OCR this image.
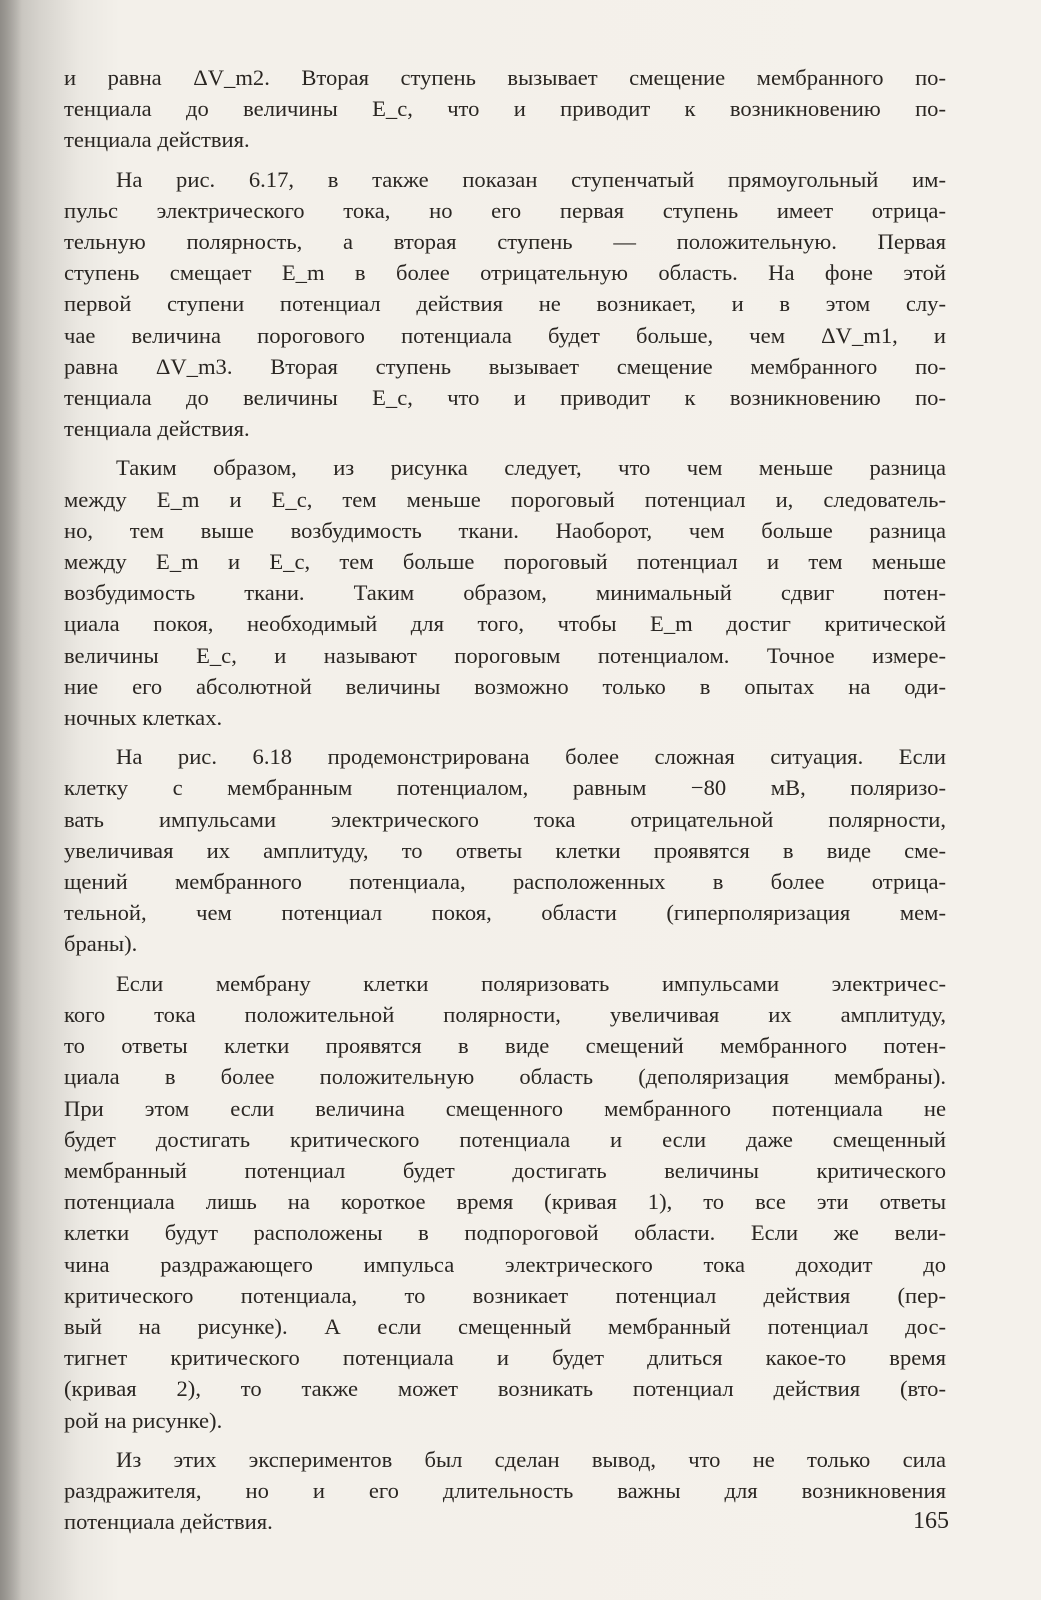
и равна ΔV_m2. Вторая ступень вызывает смещение мембранного по-
тенциала до величины E_c, что и приводит к возникновению по-
тенциала действия.

На рис. 6.17, в также показан ступенчатый прямоугольный им-
пульс электрического тока, но его первая ступень имеет отрица-
тельную полярность, а вторая ступень — положительную. Первая
ступень смещает E_m в более отрицательную область. На фоне этой
первой ступени потенциал действия не возникает, и в этом слу-
чае величина порогового потенциала будет больше, чем ΔV_m1, и
равна ΔV_m3. Вторая ступень вызывает смещение мембранного по-
тенциала до величины E_c, что и приводит к возникновению по-
тенциала действия.

Таким образом, из рисунка следует, что чем меньше разница
между E_m и E_c, тем меньше пороговый потенциал и, следователь-
но, тем выше возбудимость ткани. Наоборот, чем больше разница
между E_m и E_c, тем больше пороговый потенциал и тем меньше
возбудимость ткани. Таким образом, минимальный сдвиг потен-
циала покоя, необходимый для того, чтобы E_m достиг критической
величины E_c, и называют пороговым потенциалом. Точное измере-
ние его абсолютной величины возможно только в опытах на оди-
ночных клетках.

На рис. 6.18 продемонстрирована более сложная ситуация. Если
клетку с мембранным потенциалом, равным −80 мВ, поляризо-
вать импульсами электрического тока отрицательной полярности,
увеличивая их амплитуду, то ответы клетки проявятся в виде сме-
щений мембранного потенциала, расположенных в более отрица-
тельной, чем потенциал покоя, области (гиперполяризация мем-
браны).

Если мембрану клетки поляризовать импульсами электричес-
кого тока положительной полярности, увеличивая их амплитуду,
то ответы клетки проявятся в виде смещений мембранного потен-
циала в более положительную область (деполяризация мембраны).
При этом если величина смещенного мембранного потенциала не
будет достигать критического потенциала и если даже смещенный
мембранный потенциал будет достигать величины критического
потенциала лишь на короткое время (кривая 1), то все эти ответы
клетки будут расположены в подпороговой области. Если же вели-
чина раздражающего импульса электрического тока доходит до
критического потенциала, то возникает потенциал действия (пер-
вый на рисунке). А если смещенный мембранный потенциал дос-
тигнет критического потенциала и будет длиться какое-то время
(кривая 2), то также может возникать потенциал действия (вто-
рой на рисунке).

Из этих экспериментов был сделан вывод, что не только сила
раздражителя, но и его длительность важны для возникновения
потенциала действия.	165
